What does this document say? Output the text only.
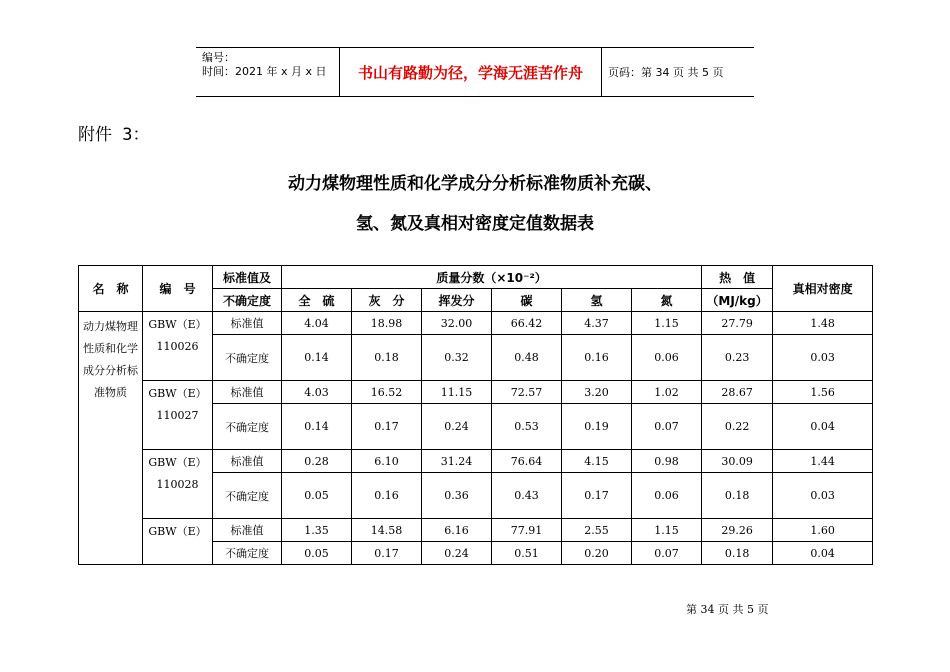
编号：
时间：2021 年 x 月 x 日	书山有路勤为径，学海无涯苦作舟	页码：第 34 页 共 5 页
附件 3：
动力煤物理性质和化学成分分析标准物质补充碳、
氢、氮及真相对密度定值数据表
名　称	编　号	标准值及	质量分数（×10⁻²）						热　值	真相对密度
		不确定度	全　硫	灰　分	挥发分	碳	氢	氮	（MJ/kg）	
动力煤物理性质和化学成分分析标准物质	GBW（E）110026	标准值	4.04	18.98	32.00	66.42	4.37	1.15	27.79	1.48
		不确定度	0.14	0.18	0.32	0.48	0.16	0.06	0.23	0.03
	GBW（E）110027	标准值	4.03	16.52	11.15	72.57	3.20	1.02	28.67	1.56
		不确定度	0.14	0.17	0.24	0.53	0.19	0.07	0.22	0.04
	GBW（E）110028	标准值	0.28	6.10	31.24	76.64	4.15	0.98	30.09	1.44
		不确定度	0.05	0.16	0.36	0.43	0.17	0.06	0.18	0.03
	GBW（E）	标准值	1.35	14.58	6.16	77.91	2.55	1.15	29.26	1.60
		不确定度	0.05	0.17	0.24	0.51	0.20	0.07	0.18	0.04
第 34 页 共 5 页
